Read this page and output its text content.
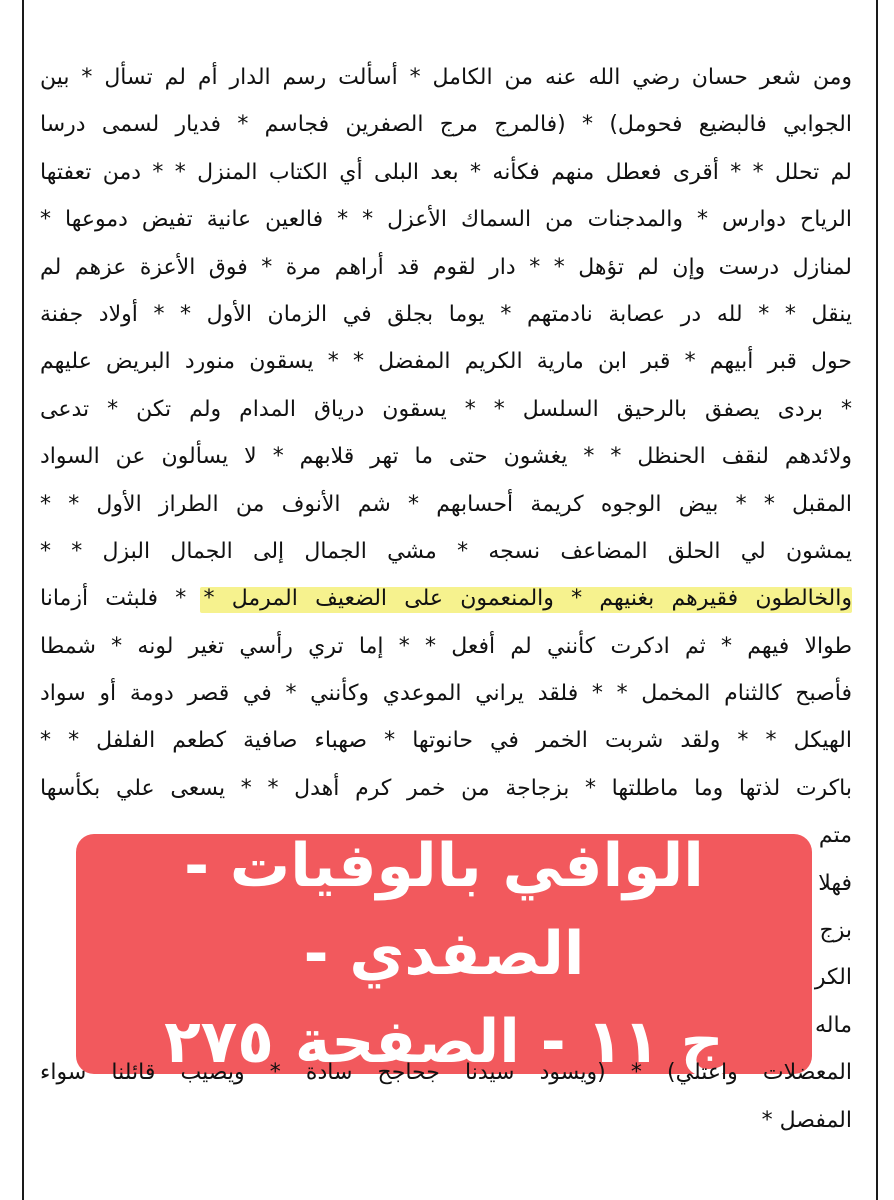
ومن شعر حسان رضي الله عنه من الكامل * أسألت رسم الدار أم لم تسأل * بين
الجوابي فالبضيع فحومل) * (فالمرج مرج الصفرين فجاسم * فديار لسمى درسا
لم تحلل * * أقرى فعطل منهم فكأنه * بعد البلى أي الكتاب المنزل * * دمن تعفتها
الرياح دوارس * والمدجنات من السماك الأعزل * * فالعين عانية تفيض دموعها *
لمنازل درست وإن لم تؤهل * * دار لقوم قد أراهم مرة * فوق الأعزة عزهم لم
ينقل * * لله در عصابة نادمتهم * يوما بجلق في الزمان الأول * * أولاد جفنة
حول قبر أبيهم * قبر ابن مارية الكريم المفضل * * يسقون منورد البريض عليهم
* بردى يصفق بالرحيق السلسل * * يسقون درياق المدام ولم تكن * تدعى
ولائدهم لنقف الحنظل * * يغشون حتى ما تهر قلابهم * لا يسألون عن السواد
المقبل * * بيض الوجوه كريمة أحسابهم * شم الأنوف من الطراز الأول * *
يمشون لي الحلق المضاعف نسجه * مشي الجمال إلى الجمال البزل * *
والخالطون فقيرهم بغنيهم * والمنعمون على الضعيف المرمل * * فلبثت أزمانا
طوالا فيهم * ثم ادكرت كأنني لم أفعل * * إما تري رأسي تغير لونه * شمطا
فأصبح كالثنام المخمل * * فلقد يراني الموعدي وكأنني * في قصر دومة أو سواد
الهيكل * * ولقد شربت الخمر في حانوتها * صهباء صافية كطعم الفلفل * *
باكرت لذتها وما ماطلتها * بزجاجة من خمر كرم أهدل * * يسعى علي بكأسها
متم
فهلا
بزج
الكر
ماله
المعضلات واعتلي) * (ويسود سيدنا جحاجح سادة * ويصيب قائلنا سواء
المفصل *
الوافي بالوفيات - الصفدي -
ج ١١ - الصفحة ٢٧٥
